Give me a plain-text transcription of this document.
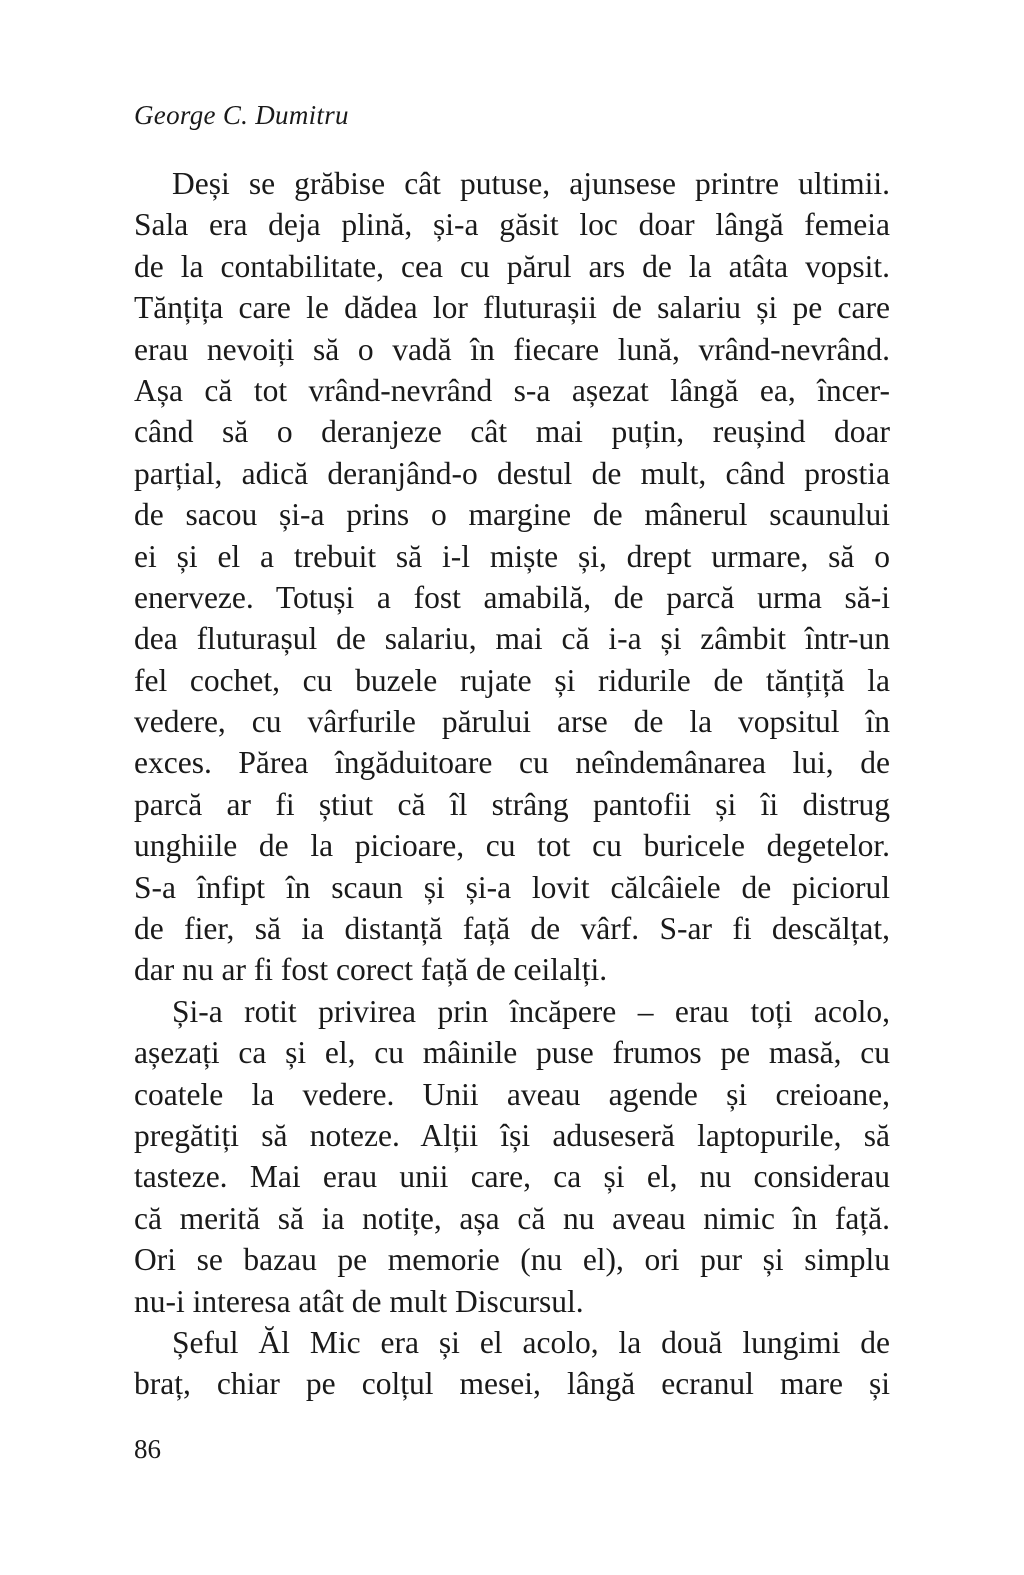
George C. Dumitru
Deși se grăbise cât putuse, ajunsese printre ultimii.
Sala era deja plină, și-a găsit loc doar lângă femeia
de la contabilitate, cea cu părul ars de la atâta vopsit.
Tănțița care le dădea lor fluturașii de salariu și pe care
erau nevoiți să o vadă în fiecare lună, vrând-nevrând.
Așa că tot vrând-nevrând s-a așezat lângă ea, încer-
când să o deranjeze cât mai puțin, reușind doar
parțial, adică deranjând-o destul de mult, când prostia
de sacou și-a prins o margine de mânerul scaunului
ei și el a trebuit să i-l miște și, drept urmare, să o
enerveze. Totuși a fost amabilă, de parcă urma să-i
dea fluturașul de salariu, mai că i-a și zâmbit într-un
fel cochet, cu buzele rujate și ridurile de tănțiță la
vedere, cu vârfurile părului arse de la vopsitul în
exces. Părea îngăduitoare cu neîndemânarea lui, de
parcă ar fi știut că îl strâng pantofii și îi distrug
unghiile de la picioare, cu tot cu buricele degetelor.
S-a înfipt în scaun și și-a lovit călcâiele de piciorul
de fier, să ia distanță față de vârf. S-ar fi descălțat,
dar nu ar fi fost corect față de ceilalți.
Și-a rotit privirea prin încăpere – erau toți acolo,
așezați ca și el, cu mâinile puse frumos pe masă, cu
coatele la vedere. Unii aveau agende și creioane,
pregătiți să noteze. Alții își aduseseră laptopurile, să
tasteze. Mai erau unii care, ca și el, nu considerau
că merită să ia notițe, așa că nu aveau nimic în față.
Ori se bazau pe memorie (nu el), ori pur și simplu
nu-i interesa atât de mult Discursul.
Șeful Ăl Mic era și el acolo, la două lungimi de
braț, chiar pe colțul mesei, lângă ecranul mare și
86
